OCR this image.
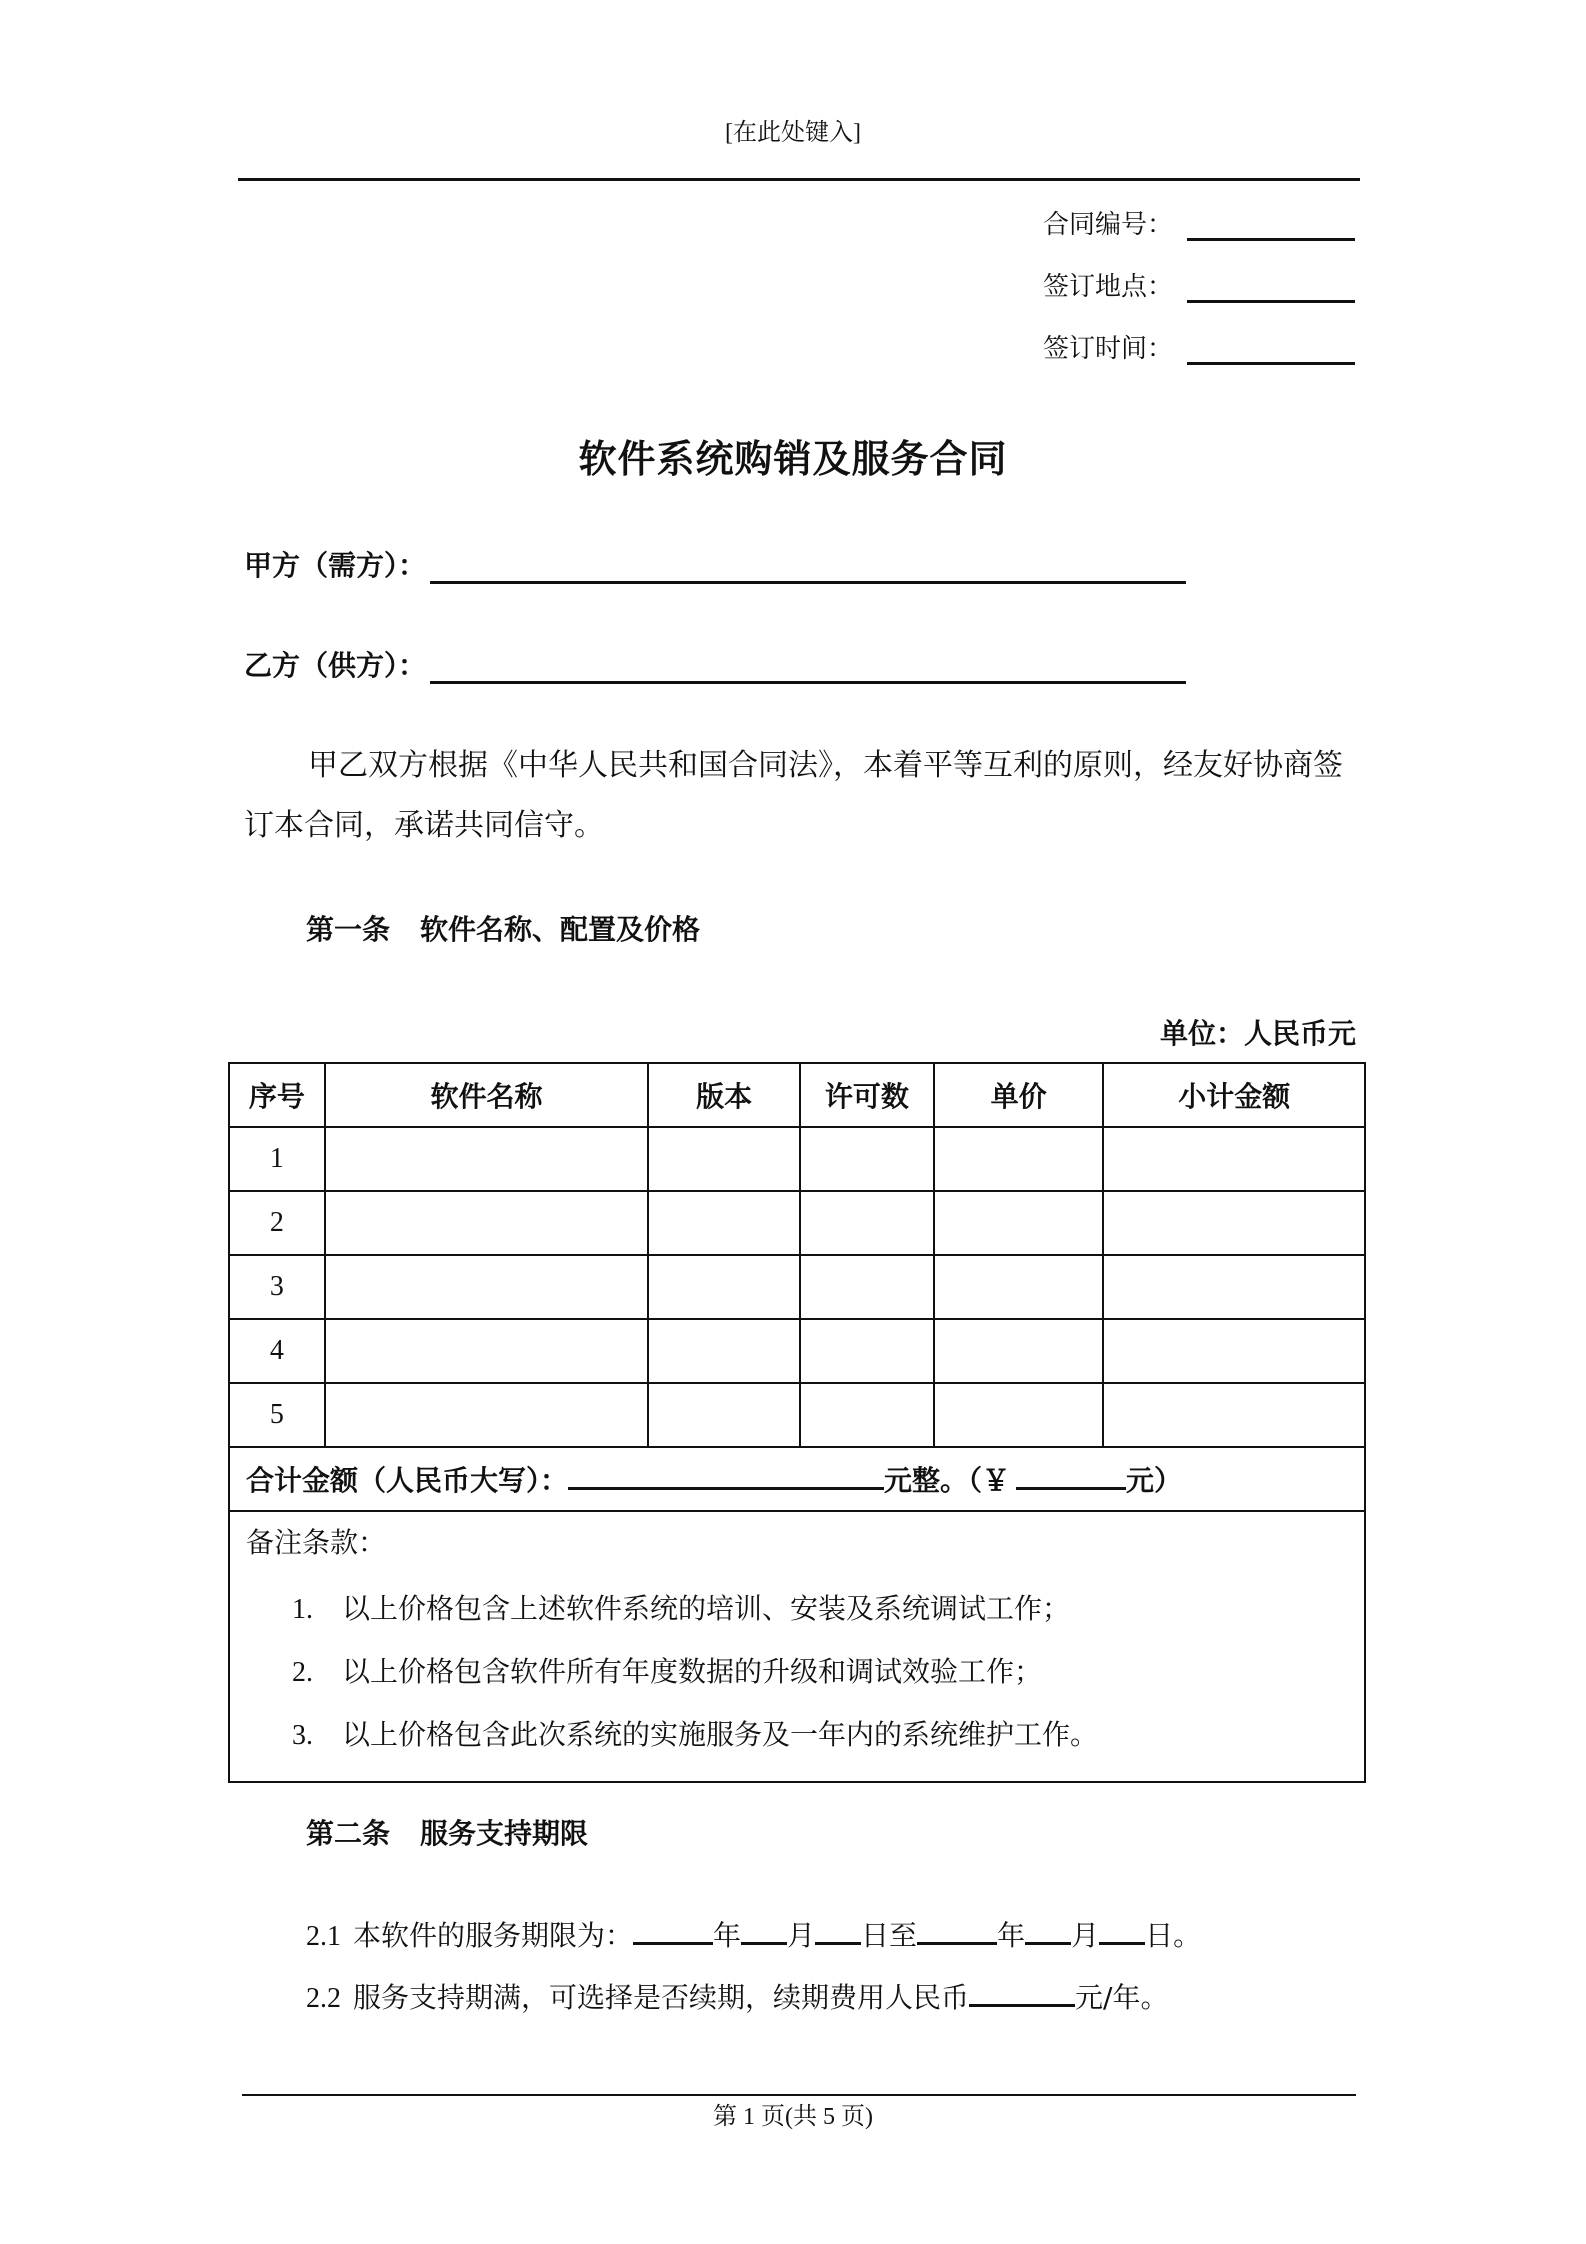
[在此处键入]
合同编号：
签订地点：
签订时间：
软件系统购销及服务合同
甲方（需方）：
乙方（供方）：
甲乙双方根据《中华人民共和国合同法》，本着平等互利的原则，经友好协商签订本合同，承诺共同信守。
第一条 软件名称、配置及价格
单位：人民币元
序号	软件名称	版本	许可数	单价	小计金额
1					
2					
3					
4					
5					
合计金额（人民币大写）： 元整。（￥ 元）					

备注条款：
1. 以上价格包含上述软件系统的培训、安装及系统调试工作；
2. 以上价格包含软件所有年度数据的升级和调试效验工作；
3. 以上价格包含此次系统的实施服务及一年内的系统维护工作。					
第二条 服务支持期限
2.1 本软件的服务期限为：	年 月 日至	年 月 日。
2.2 服务支持期满，可选择是否续期，续期费用人民币	元/年。
第 1 页(共 5 页)
